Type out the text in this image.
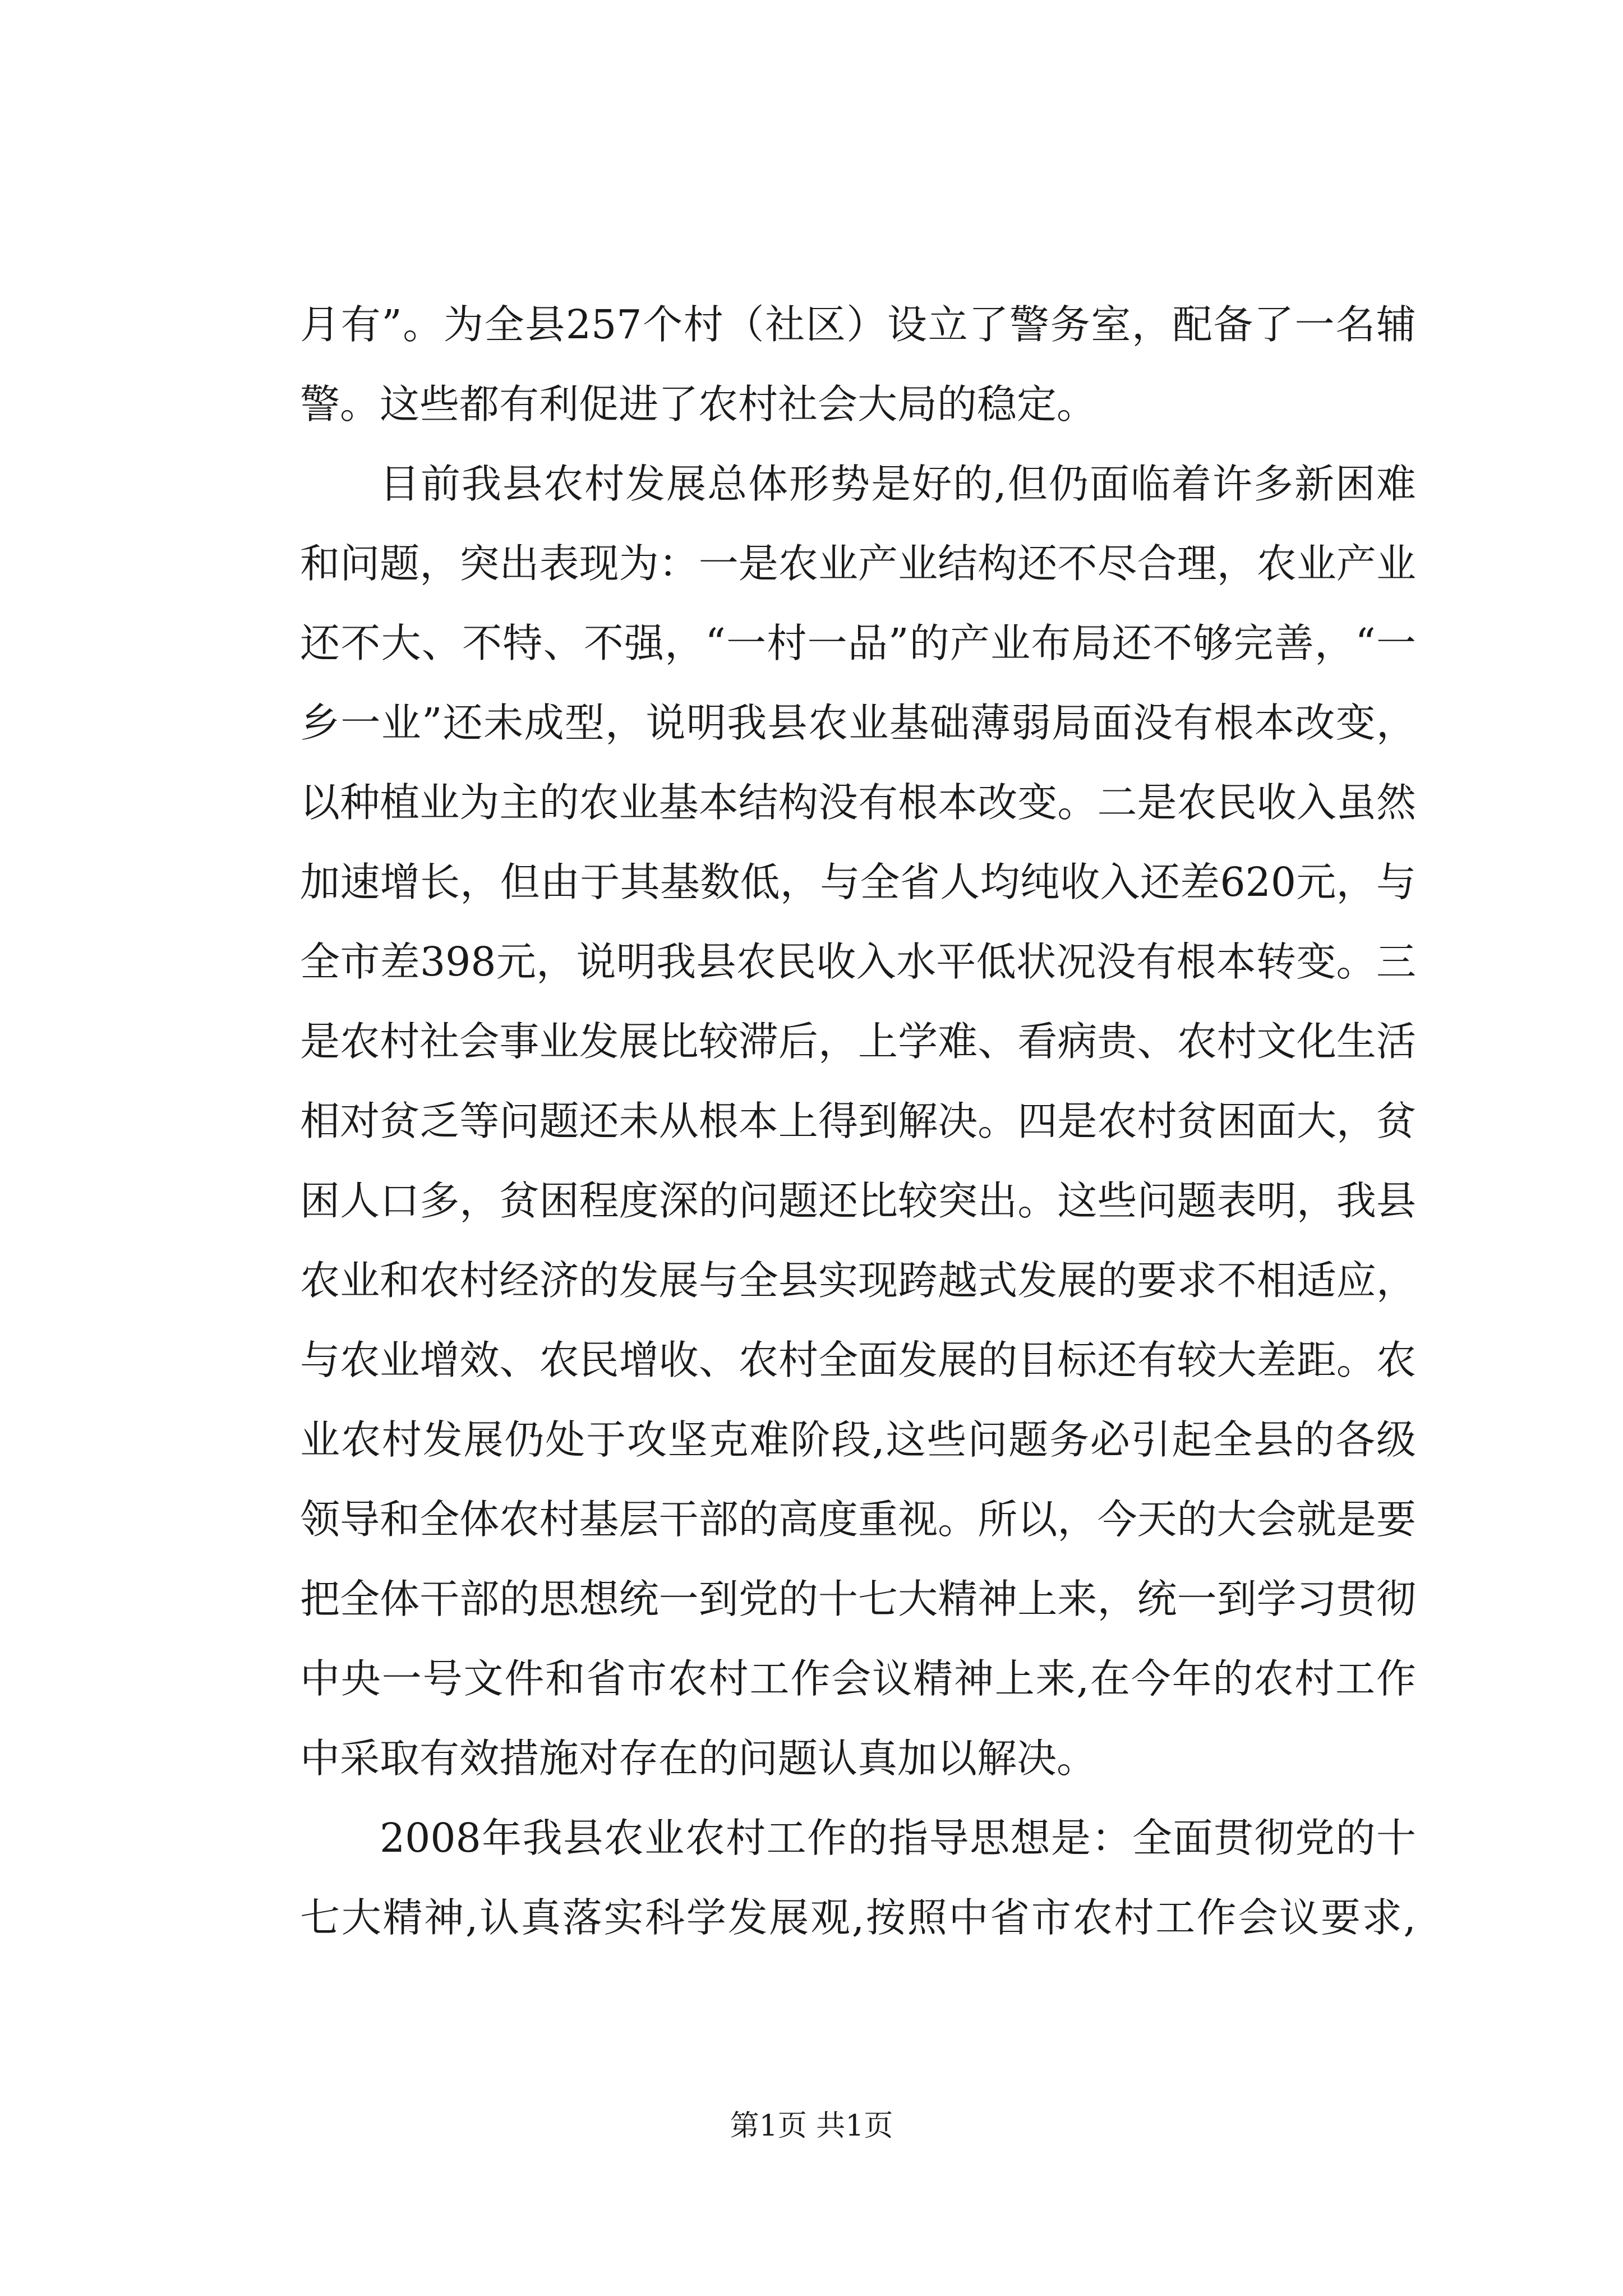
月有”。为全县257个村（社区）设立了警务室，配备了一名辅
警。这些都有利促进了农村社会大局的稳定。
目前我县农村发展总体形势是好的,但仍面临着许多新困难
和问题，突出表现为：一是农业产业结构还不尽合理，农业产业
还不大、不特、不强，“一村一品”的产业布局还不够完善，“一
乡一业”还未成型，说明我县农业基础薄弱局面没有根本改变，
以种植业为主的农业基本结构没有根本改变。二是农民收入虽然
加速增长，但由于其基数低，与全省人均纯收入还差620元，与
全市差398元，说明我县农民收入水平低状况没有根本转变。三
是农村社会事业发展比较滞后，上学难、看病贵、农村文化生活
相对贫乏等问题还未从根本上得到解决。四是农村贫困面大，贫
困人口多，贫困程度深的问题还比较突出。这些问题表明，我县
农业和农村经济的发展与全县实现跨越式发展的要求不相适应，
与农业增效、农民增收、农村全面发展的目标还有较大差距。农
业农村发展仍处于攻坚克难阶段,这些问题务必引起全县的各级
领导和全体农村基层干部的高度重视。所以，今天的大会就是要
把全体干部的思想统一到党的十七大精神上来，统一到学习贯彻
中央一号文件和省市农村工作会议精神上来,在今年的农村工作
中采取有效措施对存在的问题认真加以解决。
2008年我县农业农村工作的指导思想是：全面贯彻党的十
七大精神,认真落实科学发展观,按照中省市农村工作会议要求,
第1页 共1页
